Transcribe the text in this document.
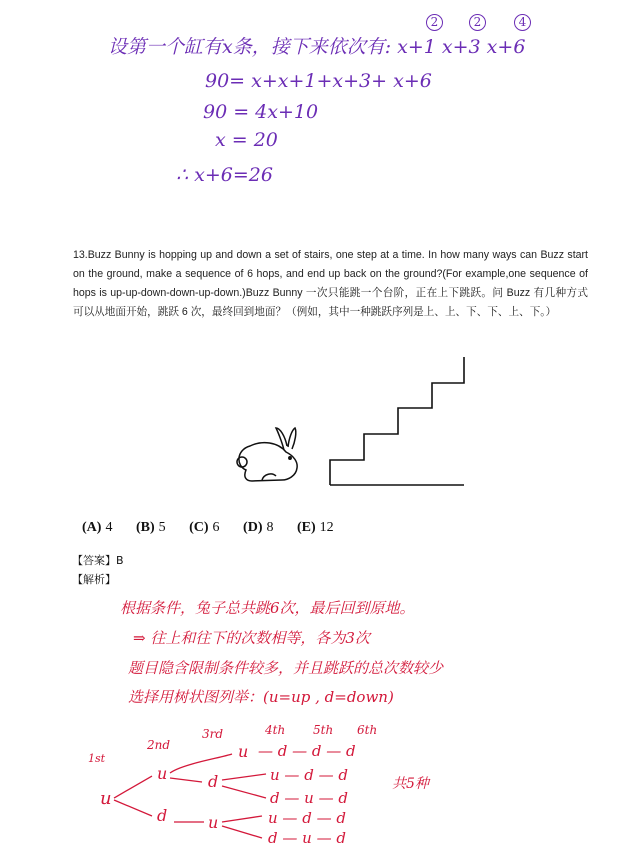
设第一个缸有x条，接下来依次有: x+1 x+3 x+6
2	2	4
90= x+x+1+x+3+ x+6
90 = 4x+10
x = 20
∴ x+6=26
13.Buzz Bunny is hopping up and down a set of stairs, one step at a time. In how many ways can Buzz start on the ground, make a sequence of 6 hops, and end up back on the ground?(For example,one sequence of hops is up-up-down-down-up-down.)Buzz Bunny 一次只能跳一个台阶，正在上下跳跃。问 Buzz 有几种方式可以从地面开始，跳跃 6 次，最终回到地面？（例如，其中一种跳跃序列是上、上、下、下、上、下。）
(A) 4 (B) 5 (C) 6 (D) 8 (E) 12
【答案】B
【解析】
根据条件，兔子总共跳6次，最后回到原地。
⇒ 往上和往下的次数相等，各为3次
题目隐含限制条件较多，并且跳跃的总次数较少
选择用树状图列举：(u=up , d=down)
1st
2nd
3rd	4th 5th 6th
u
u
d
u
d
u
— d — d — d
u — d — d
d — u — d
u — d — d
d — u — d
共5种
